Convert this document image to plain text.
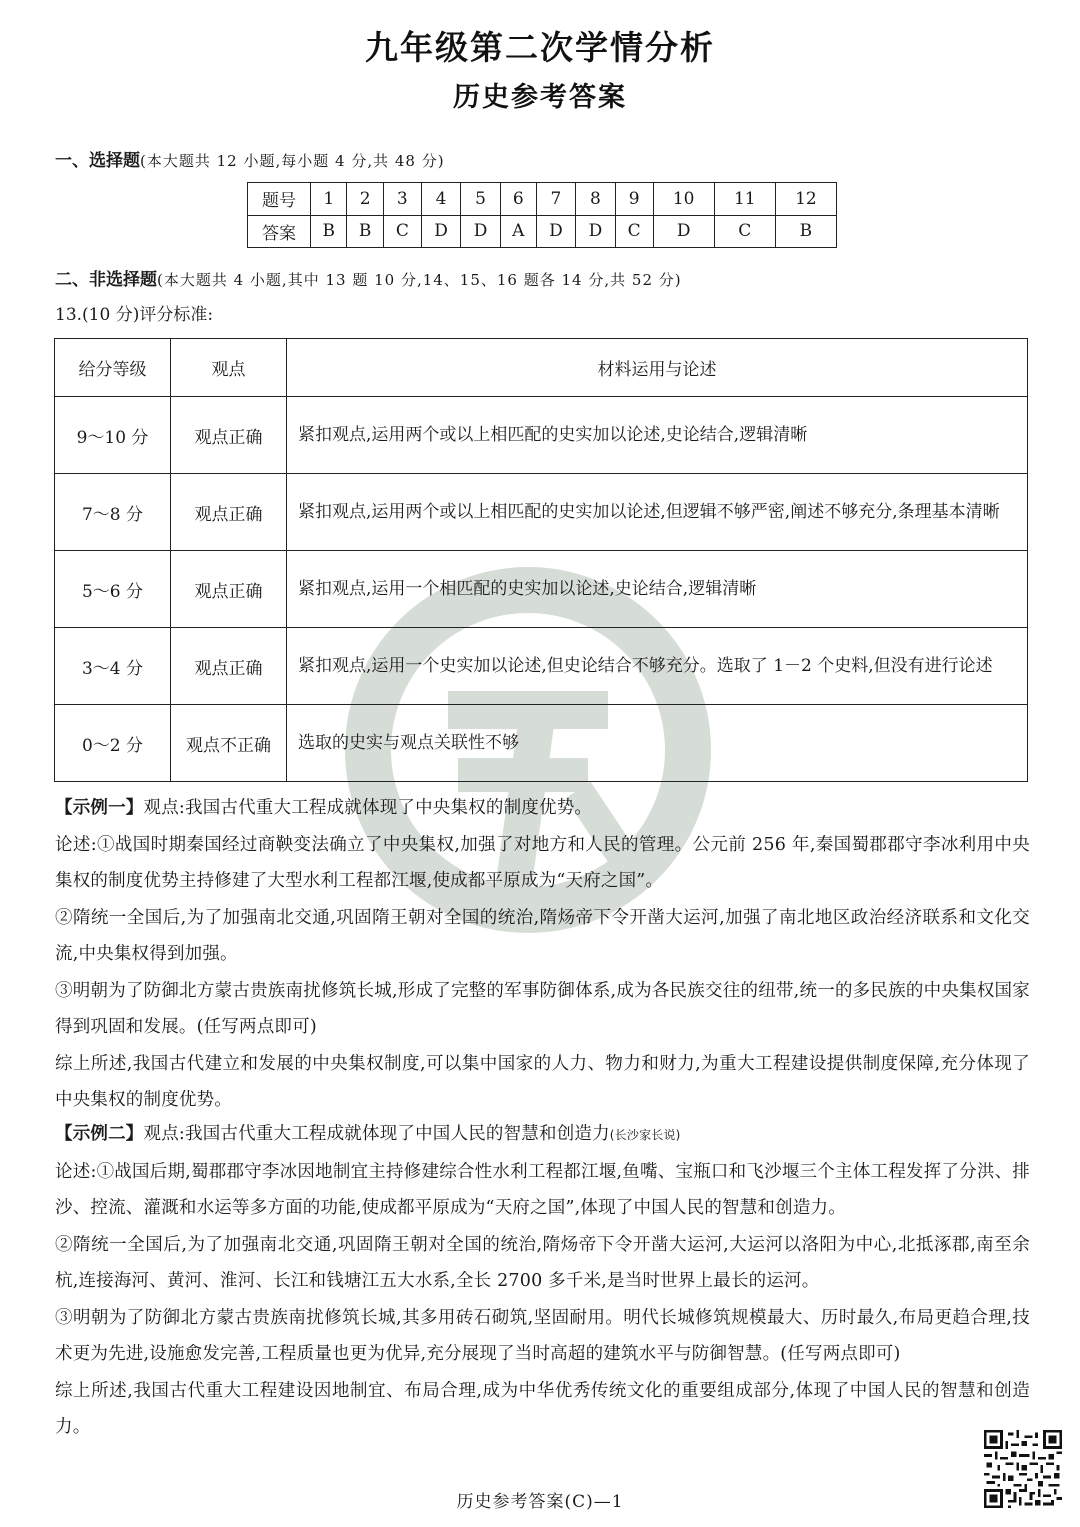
九年级第二次学情分析
历史参考答案
一、选择题(本大题共 12 小题,每小题 4 分,共 48 分)
题号	1	2	3	4	5	6	7	8	9	10	11	12
答案	B	B	C	D	D	A	D	D	C	D	C	B
二、非选择题(本大题共 4 小题,其中 13 题 10 分,14、15、16 题各 14 分,共 52 分)
13.(10 分)评分标准:
给分等级	观点	材料运用与论述
9～10 分	观点正确	紧扣观点,运用两个或以上相匹配的史实加以论述,史论结合,逻辑清晰
7～8 分	观点正确	紧扣观点,运用两个或以上相匹配的史实加以论述,但逻辑不够严密,阐述不够充分,条理基本清晰
5～6 分	观点正确	紧扣观点,运用一个相匹配的史实加以论述,史论结合,逻辑清晰
3～4 分	观点正确	紧扣观点,运用一个史实加以论述,但史论结合不够充分。选取了 1－2 个史料,但没有进行论述
0～2 分	观点不正确	选取的史实与观点关联性不够

【示例一】观点:我国古代重大工程成就体现了中央集权的制度优势。

论述:①战国时期秦国经过商鞅变法确立了中央集权,加强了对地方和人民的管理。公元前 256 年,秦国蜀郡郡守李冰利用中央集权的制度优势主持修建了大型水利工程都江堰,使成都平原成为“天府之国”。

②隋统一全国后,为了加强南北交通,巩固隋王朝对全国的统治,隋炀帝下令开凿大运河,加强了南北地区政治经济联系和文化交流,中央集权得到加强。

③明朝为了防御北方蒙古贵族南扰修筑长城,形成了完整的军事防御体系,成为各民族交往的纽带,统一的多民族的中央集权国家得到巩固和发展。(任写两点即可)

综上所述,我国古代建立和发展的中央集权制度,可以集中国家的人力、物力和财力,为重大工程建设提供制度保障,充分体现了中央集权的制度优势。

【示例二】观点:我国古代重大工程成就体现了中国人民的智慧和创造力(长沙家长说)

论述:①战国后期,蜀郡郡守李冰因地制宜主持修建综合性水利工程都江堰,鱼嘴、宝瓶口和飞沙堰三个主体工程发挥了分洪、排沙、控流、灌溉和水运等多方面的功能,使成都平原成为“天府之国”,体现了中国人民的智慧和创造力。

②隋统一全国后,为了加强南北交通,巩固隋王朝对全国的统治,隋炀帝下令开凿大运河,大运河以洛阳为中心,北抵涿郡,南至余杭,连接海河、黄河、淮河、长江和钱塘江五大水系,全长 2700 多千米,是当时世界上最长的运河。

③明朝为了防御北方蒙古贵族南扰修筑长城,其多用砖石砌筑,坚固耐用。明代长城修筑规模最大、历时最久,布局更趋合理,技术更为先进,设施愈发完善,工程质量也更为优异,充分展现了当时高超的建筑水平与防御智慧。(任写两点即可)

综上所述,我国古代重大工程建设因地制宜、布局合理,成为中华优秀传统文化的重要组成部分,体现了中国人民的智慧和创造力。

历史参考答案(C)—1
